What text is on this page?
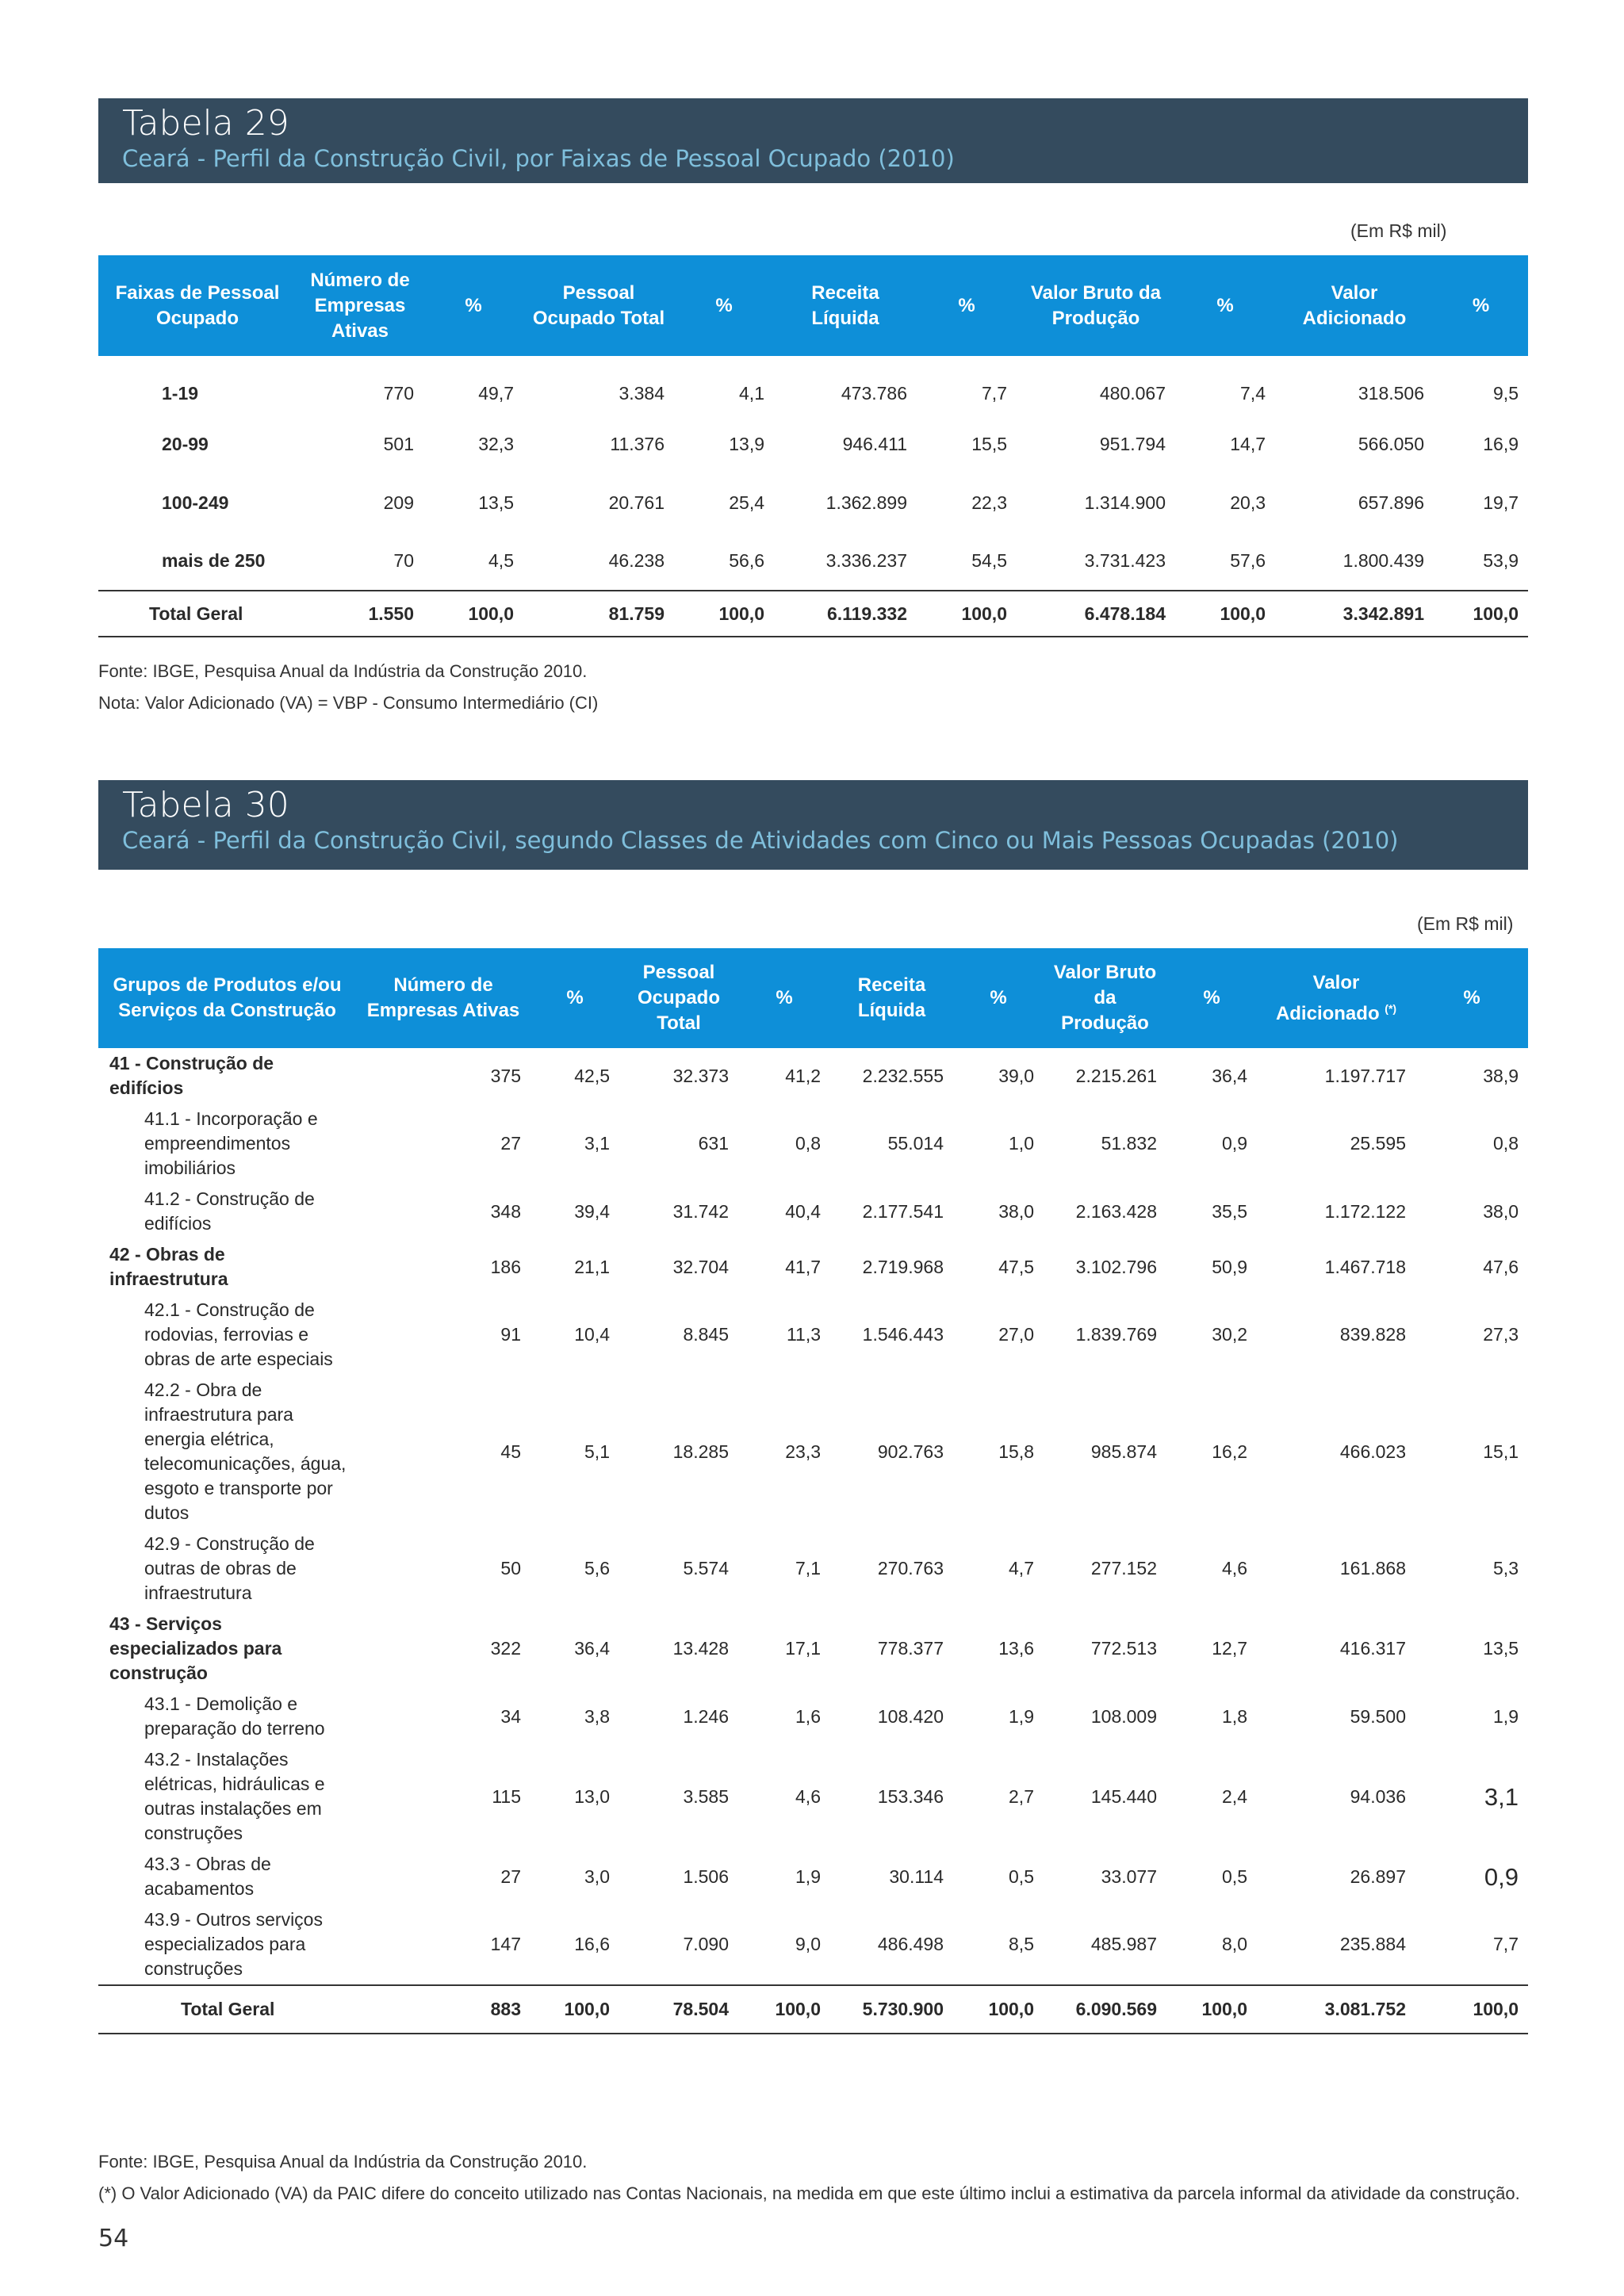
Tabela 29
Ceará - Perfil da Construção Civil, por Faixas de Pessoal Ocupado (2010)
(Em R$ mil)
Faixas de Pessoal Ocupado	Número de Empresas Ativas	%	Pessoal Ocupado Total	%	Receita Líquida	%	Valor Bruto da Produção	%	Valor Adicionado	%
1-19	770	49,7	3.384	4,1	473.786	7,7	480.067	7,4	318.506	9,5
20-99	501	32,3	11.376	13,9	946.411	15,5	951.794	14,7	566.050	16,9
100-249	209	13,5	20.761	25,4	1.362.899	22,3	1.314.900	20,3	657.896	19,7
mais de 250	70	4,5	46.238	56,6	3.336.237	54,5	3.731.423	57,6	1.800.439	53,9
Total Geral	1.550	100,0	81.759	100,0	6.119.332	100,0	6.478.184	100,0	3.342.891	100,0
Fonte: IBGE, Pesquisa Anual da Indústria da Construção 2010.
Nota: Valor Adicionado (VA) = VBP - Consumo Intermediário (CI)
Tabela 30
Ceará - Perfil da Construção Civil, segundo Classes de Atividades com Cinco ou Mais Pessoas Ocupadas (2010)
(Em R$ mil)
Grupos de Produtos e/ou Serviços da Construção	Número de Empresas Ativas	%	Pessoal Ocupado Total	%	Receita Líquida	%	Valor Bruto da Produção	%	Valor Adicionado (*)	%
41 - Construção de edifícios	375	42,5	32.373	41,2	2.232.555	39,0	2.215.261	36,4	1.197.717	38,9
41.1 - Incorporação e empreendimentos imobiliários	27	3,1	631	0,8	55.014	1,0	51.832	0,9	25.595	0,8
41.2 - Construção de edifícios	348	39,4	31.742	40,4	2.177.541	38,0	2.163.428	35,5	1.172.122	38,0
42 - Obras de infraestrutura	186	21,1	32.704	41,7	2.719.968	47,5	3.102.796	50,9	1.467.718	47,6
42.1 - Construção de rodovias, ferrovias e obras de arte especiais	91	10,4	8.845	11,3	1.546.443	27,0	1.839.769	30,2	839.828	27,3
42.2 - Obra de infraestrutura para energia elétrica, telecomunicações, água, esgoto e transporte por dutos	45	5,1	18.285	23,3	902.763	15,8	985.874	16,2	466.023	15,1
42.9 - Construção de outras de obras de infraestrutura	50	5,6	5.574	7,1	270.763	4,7	277.152	4,6	161.868	5,3
43 - Serviços especializados para construção	322	36,4	13.428	17,1	778.377	13,6	772.513	12,7	416.317	13,5
43.1 - Demolição e preparação do terreno	34	3,8	1.246	1,6	108.420	1,9	108.009	1,8	59.500	1,9
43.2 - Instalações elétricas, hidráulicas e outras instalações em construções	115	13,0	3.585	4,6	153.346	2,7	145.440	2,4	94.036	3,1
43.3 - Obras de acabamentos	27	3,0	1.506	1,9	30.114	0,5	33.077	0,5	26.897	0,9
43.9 - Outros serviços especializados para construções	147	16,6	7.090	9,0	486.498	8,5	485.987	8,0	235.884	7,7
Total Geral	883	100,0	78.504	100,0	5.730.900	100,0	6.090.569	100,0	3.081.752	100,0
Fonte: IBGE, Pesquisa Anual da Indústria da Construção 2010.
(*) O Valor Adicionado (VA) da PAIC difere do conceito utilizado nas Contas Nacionais, na medida em que este último inclui a estimativa da parcela informal da atividade da construção.
54
